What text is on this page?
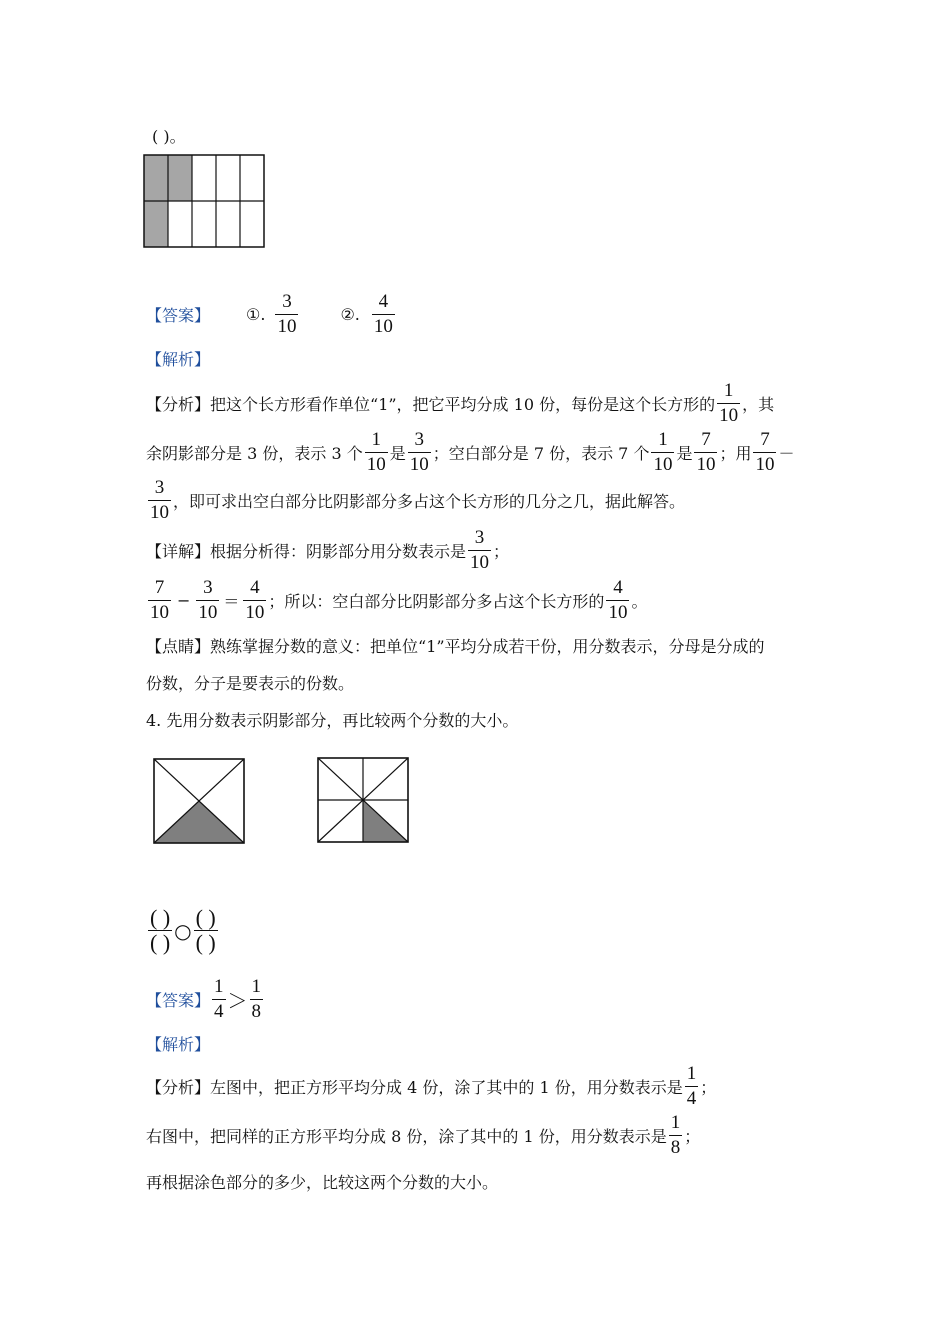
( )。
【答案】 ①. $\frac{3}{10}$	②. $\frac{4}{10}$
【解析】
【分析】 把这个长方形看作单位“1”，把它平均分成 10 份，每份是这个长方形的 $\frac{1}{10}$ ，其
余阴影部分是 3 份，表示 3 个 $\frac{1}{10}$ 是 $\frac{3}{10}$ ；空白部分是 7 份，表示 7 个 $\frac{1}{10}$ 是 $\frac{7}{10}$ ；用 $\frac{7}{10}$ －
$\frac{3}{10}$ ，即可求出空白部分比阴影部分多占这个长方形的几分之几，据此解答。
【详解】 根据分析得：阴影部分用分数表示是 $\frac{3}{10}$ ；
$\frac{7}{10} - \frac{3}{10} = \frac{4}{10}$ ；所以：空白部分比阴影部分多占这个长方形的 $\frac{4}{10}$ 。
【点睛】熟练掌握分数的意义：把单位“1”平均分成若干份，用分数表示，分母是分成的
份数，分子是要表示的份数。
4. 先用分数表示阴影部分，再比较两个分数的大小。
$\frac{( )}{( )}$ ○ $\frac{( )}{( )}$
【答案】 $\frac{1}{4} > \frac{1}{8}$
【解析】
【分析】 左图中，把正方形平均分成 4 份，涂了其中的 1 份，用分数表示是 $\frac{1}{4}$ ；
右图中，把同样的正方形平均分成 8 份，涂了其中的 1 份，用分数表示是 $\frac{1}{8}$ ；
再根据涂色部分的多少，比较这两个分数的大小。
